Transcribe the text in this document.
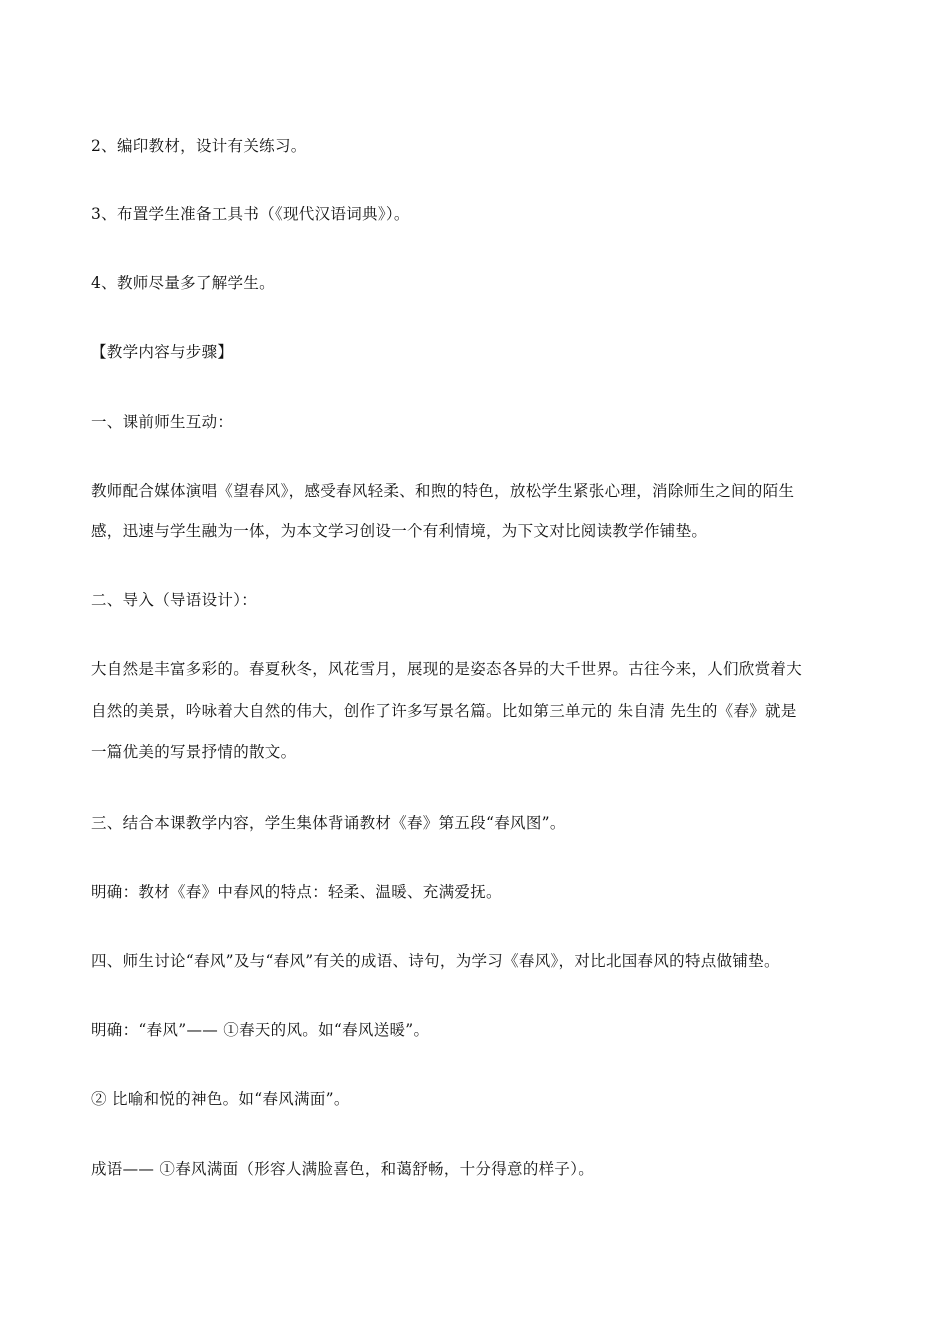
2、编印教材，设计有关练习。
3、布置学生准备工具书（《现代汉语词典》）。
4、教师尽量多了解学生。
【教学内容与步骤】
一、课前师生互动：
教师配合媒体演唱《望春风》，感受春风轻柔、和煦的特色，放松学生紧张心理，消除师生之间的陌生
感，迅速与学生融为一体，为本文学习创设一个有利情境，为下文对比阅读教学作铺垫。
二、导入（导语设计）：
大自然是丰富多彩的。春夏秋冬，风花雪月，展现的是姿态各异的大千世界。古往今来，人们欣赏着大
自然的美景，吟咏着大自然的伟大，创作了许多写景名篇。比如第三单元的 朱自清 先生的《春》就是
一篇优美的写景抒情的散文。
三、结合本课教学内容，学生集体背诵教材《春》第五段“春风图”。
明确：教材《春》中春风的特点：轻柔、温暖、充满爱抚。
四、师生讨论“春风”及与“春风”有关的成语、诗句，为学习《春风》，对比北国春风的特点做铺垫。
明确：“春风”—— ①春天的风。如“春风送暖”。
② 比喻和悦的神色。如“春风满面”。
成语—— ①春风满面（形容人满脸喜色，和蔼舒畅，十分得意的样子）。
